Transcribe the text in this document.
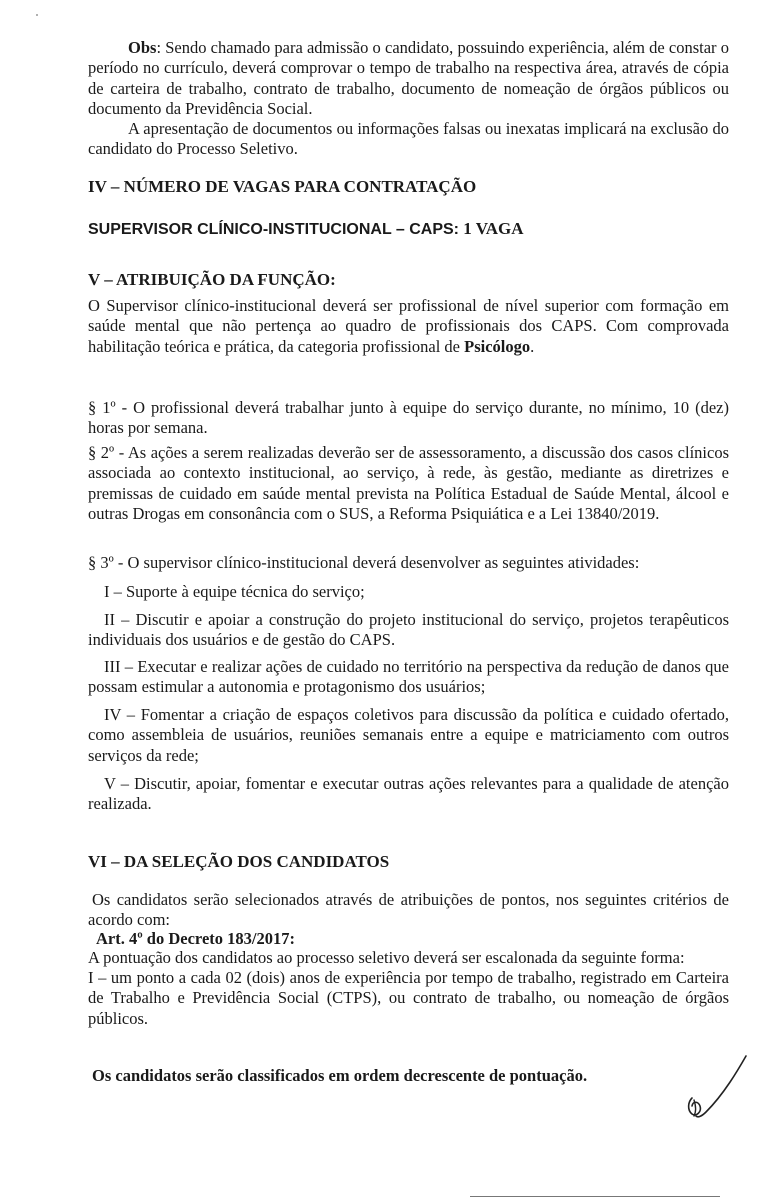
Obs: Sendo chamado para admissão o candidato, possuindo experiência, além de constar o período no currículo, deverá comprovar o tempo de trabalho na respectiva área, através de cópia de carteira de trabalho, contrato de trabalho, documento de nomeação de órgãos públicos ou documento da Previdência Social.

A apresentação de documentos ou informações falsas ou inexatas implicará na exclusão do candidato do Processo Seletivo.

IV – NÚMERO DE VAGAS PARA CONTRATAÇÃO
SUPERVISOR CLÍNICO-INSTITUCIONAL – CAPS: 1 VAGA
V – ATRIBUIÇÃO DA FUNÇÃO:

O Supervisor clínico-institucional deverá ser profissional de nível superior com formação em saúde mental que não pertença ao quadro de profissionais dos CAPS. Com comprovada habilitação teórica e prática, da categoria profissional de Psicólogo.

§ 1º - O profissional deverá trabalhar junto à equipe do serviço durante, no mínimo, 10 (dez) horas por semana.

§ 2º - As ações a serem realizadas deverão ser de assessoramento, a discussão dos casos clínicos associada ao contexto institucional, ao serviço, à rede, às gestão, mediante as diretrizes e premissas de cuidado em saúde mental prevista na Política Estadual de Saúde Mental, álcool e outras Drogas em consonância com o SUS, a Reforma Psiquiática e a Lei 13840/2019.

§ 3º - O supervisor clínico-institucional deverá desenvolver as seguintes atividades:

I – Suporte à equipe técnica do serviço;

II – Discutir e apoiar a construção do projeto institucional do serviço, projetos terapêuticos individuais dos usuários e de gestão do CAPS.

III – Executar e realizar ações de cuidado no território na perspectiva da redução de danos que possam estimular a autonomia e protagonismo dos usuários;

IV – Fomentar a criação de espaços coletivos para discussão da política e cuidado ofertado, como assembleia de usuários, reuniões semanais entre a equipe e matriciamento com outros serviços da rede;

V – Discutir, apoiar, fomentar e executar outras ações relevantes para a qualidade de atenção realizada.

VI – DA SELEÇÃO DOS CANDIDATOS

Os candidatos serão selecionados através de atribuições de pontos, nos seguintes critérios de acordo com:

Art. 4º do Decreto 183/2017:

A pontuação dos candidatos ao processo seletivo deverá ser escalonada da seguinte forma:

I – um ponto a cada 02 (dois) anos de experiência por tempo de trabalho, registrado em Carteira de Trabalho e Previdência Social (CTPS), ou contrato de trabalho, ou nomeação de órgãos públicos.

Os candidatos serão classificados em ordem decrescente de pontuação.
